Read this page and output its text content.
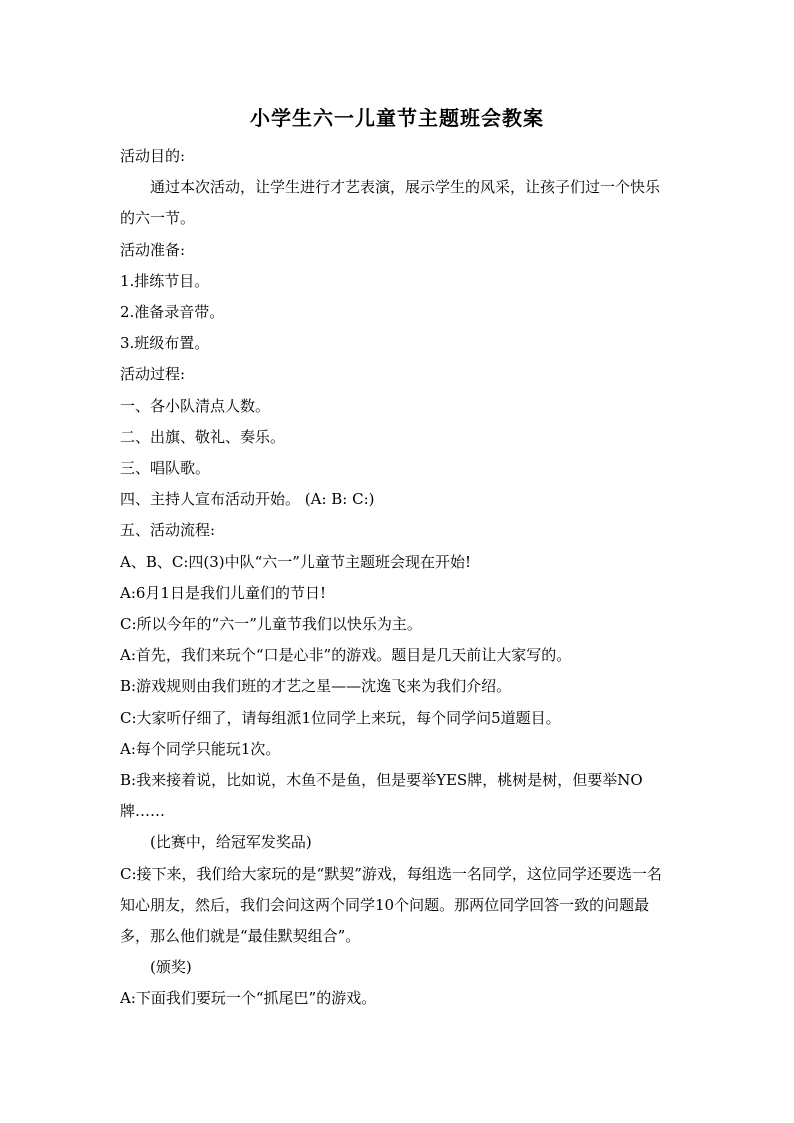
小学生六一儿童节主题班会教案

活动目的:

通过本次活动，让学生进行才艺表演，展示学生的风采，让孩子们过一个快乐的六一节。

活动准备:

1.排练节目。

2.准备录音带。

3.班级布置。

活动过程:

一、各小队清点人数。

二、出旗、敬礼、奏乐。

三、唱队歌。

四、主持人宣布活动开始。 (A: B: C:)

五、活动流程:

A、B、C:四(3)中队“六一”儿童节主题班会现在开始!

A:6月1日是我们儿童们的节日!

C:所以今年的“六一”儿童节我们以快乐为主。

A:首先，我们来玩个“口是心非”的游戏。题目是几天前让大家写的。

B:游戏规则由我们班的才艺之星——沈逸飞来为我们介绍。

C:大家听仔细了，请每组派1位同学上来玩，每个同学问5道题目。

A:每个同学只能玩1次。

B:我来接着说，比如说，木鱼不是鱼，但是要举YES牌，桃树是树，但要举NO牌……

(比赛中，给冠军发奖品)

C:接下来，我们给大家玩的是“默契”游戏，每组选一名同学，这位同学还要选一名知心朋友，然后，我们会问这两个同学10个问题。那两位同学回答一致的问题最多，那么他们就是“最佳默契组合”。

(颁奖)

A:下面我们要玩一个“抓尾巴”的游戏。
